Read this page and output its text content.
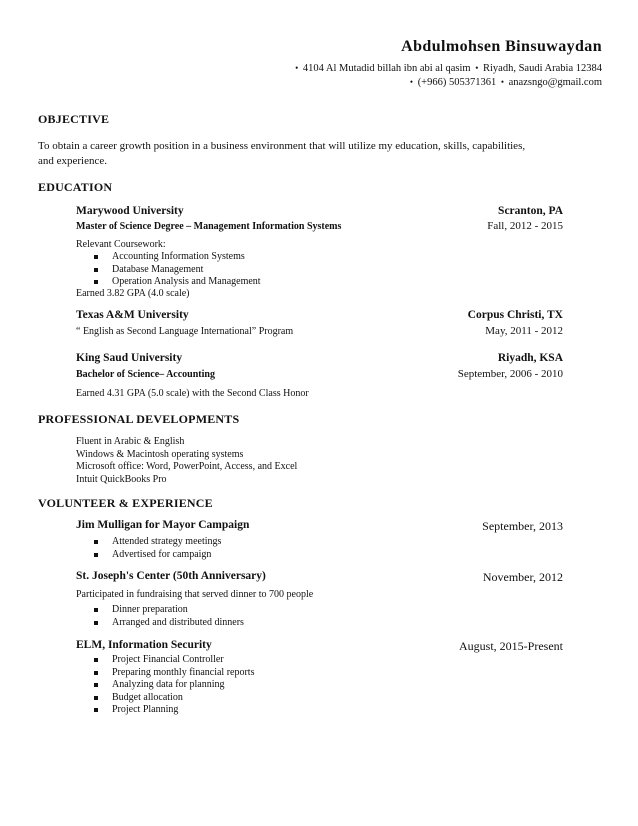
Abdulmohsen Binsuwaydan
• 4104 Al Mutadid billah ibn abi al qasim • Riyadh, Saudi Arabia 12384
• (+966) 505371361 • anazsngo@gmail.com
OBJECTIVE
To obtain a career growth position in a business environment that will utilize my education, skills, capabilities,
and experience.
EDUCATION
Marywood University	Scranton, PA
Master of Science Degree – Management Information Systems	Fall, 2012 - 2015
Relevant Coursework:
Accounting Information Systems
Database Management
Operation Analysis and Management
Earned 3.82 GPA (4.0 scale)
Texas A&M University	Corpus Christi, TX
“ English as Second Language International” Program	May, 2011 - 2012
King Saud University	Riyadh, KSA
Bachelor of Science– Accounting	September, 2006 - 2010
Earned 4.31 GPA (5.0 scale) with the Second Class Honor
PROFESSIONAL DEVELOPMENTS
Fluent in Arabic & English
Windows & Macintosh operating systems
Microsoft office: Word, PowerPoint, Access, and Excel
Intuit QuickBooks Pro
VOLUNTEER & EXPERIENCE
Jim Mulligan for Mayor Campaign	September, 2013
Attended strategy meetings
Advertised for campaign
St. Joseph's Center (50th Anniversary)	November, 2012
Participated in fundraising that served dinner to 700 people
Dinner preparation
Arranged and distributed dinners
ELM, Information Security	August, 2015-Present
Project Financial Controller
Preparing monthly financial reports
Analyzing data for planning
Budget allocation
Project Planning
